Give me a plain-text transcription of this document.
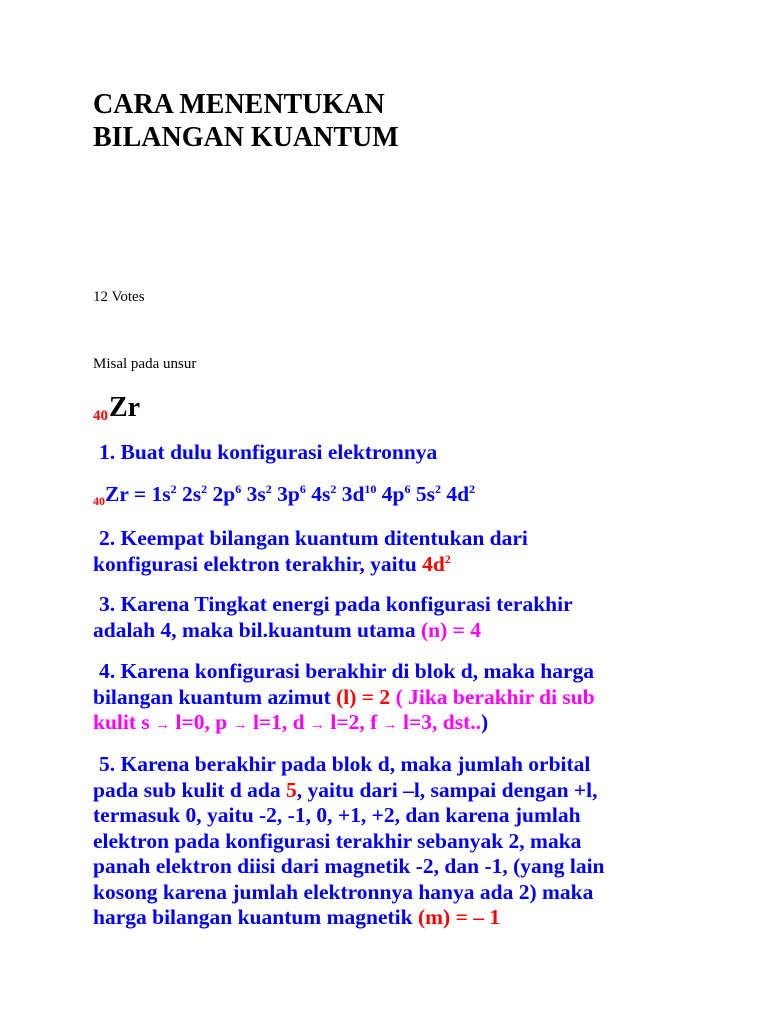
CARA MENENTUKAN
BILANGAN KUANTUM
12 Votes
Misal pada unsur
$_{40}$Zr
1. Buat dulu konfigurasi elektronnya
$_{40}Zr = 1s^2$ $2s^2$ $2p^6$ $3s^2$ $3p^6$ $4s^2$ $3d^{10}$ $4p^6$ $5s^2$ $4d^2$
2. Keempat bilangan kuantum ditentukan dari
konfigurasi elektron terakhir, yaitu $4d^2$
3. Karena Tingkat energi pada konfigurasi terakhir
adalah 4, maka bil.kuantum utama (n) = 4
4. Karena konfigurasi berakhir di blok d, maka harga
bilangan kuantum azimut (l) = 2 ( Jika berakhir di sub
kulit s → l=0, p → l=1, d → l=2, f → l=3, dst..)
5. Karena berakhir pada blok d, maka jumlah orbital
pada sub kulit d ada 5, yaitu dari –l, sampai dengan +l,
termasuk 0, yaitu -2, -1, 0, +1, +2, dan karena jumlah
elektron pada konfigurasi terakhir sebanyak 2, maka
panah elektron diisi dari magnetik -2, dan -1, (yang lain
kosong karena jumlah elektronnya hanya ada 2) maka
harga bilangan kuantum magnetik (m) = – 1
